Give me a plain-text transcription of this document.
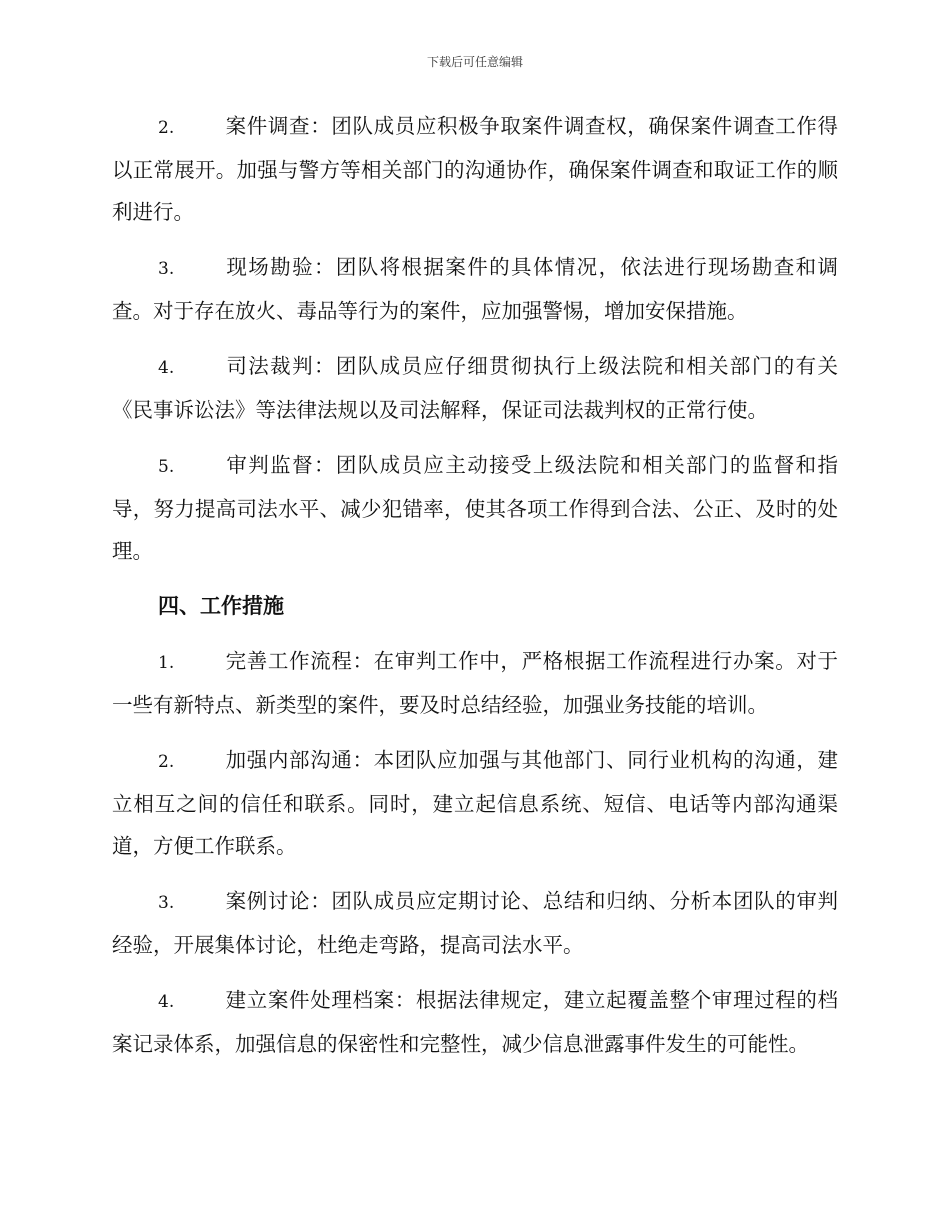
下载后可任意编辑

2. 案件调查：团队成员应积极争取案件调查权，确保案件调查工作得以正常展开。加强与警方等相关部门的沟通协作，确保案件调查和取证工作的顺利进行。

3. 现场勘验：团队将根据案件的具体情况，依法进行现场勘查和调查。对于存在放火、毒品等行为的案件，应加强警惕，增加安保措施。

4. 司法裁判：团队成员应仔细贯彻执行上级法院和相关部门的有关《民事诉讼法》等法律法规以及司法解释，保证司法裁判权的正常行使。

5. 审判监督：团队成员应主动接受上级法院和相关部门的监督和指导，努力提高司法水平、减少犯错率，使其各项工作得到合法、公正、及时的处理。

四、工作措施

1. 完善工作流程：在审判工作中，严格根据工作流程进行办案。对于一些有新特点、新类型的案件，要及时总结经验，加强业务技能的培训。

2. 加强内部沟通：本团队应加强与其他部门、同行业机构的沟通，建立相互之间的信任和联系。同时，建立起信息系统、短信、电话等内部沟通渠道，方便工作联系。

3. 案例讨论：团队成员应定期讨论、总结和归纳、分析本团队的审判经验，开展集体讨论，杜绝走弯路，提高司法水平。

4. 建立案件处理档案：根据法律规定，建立起覆盖整个审理过程的档案记录体系，加强信息的保密性和完整性，减少信息泄露事件发生的可能性。
